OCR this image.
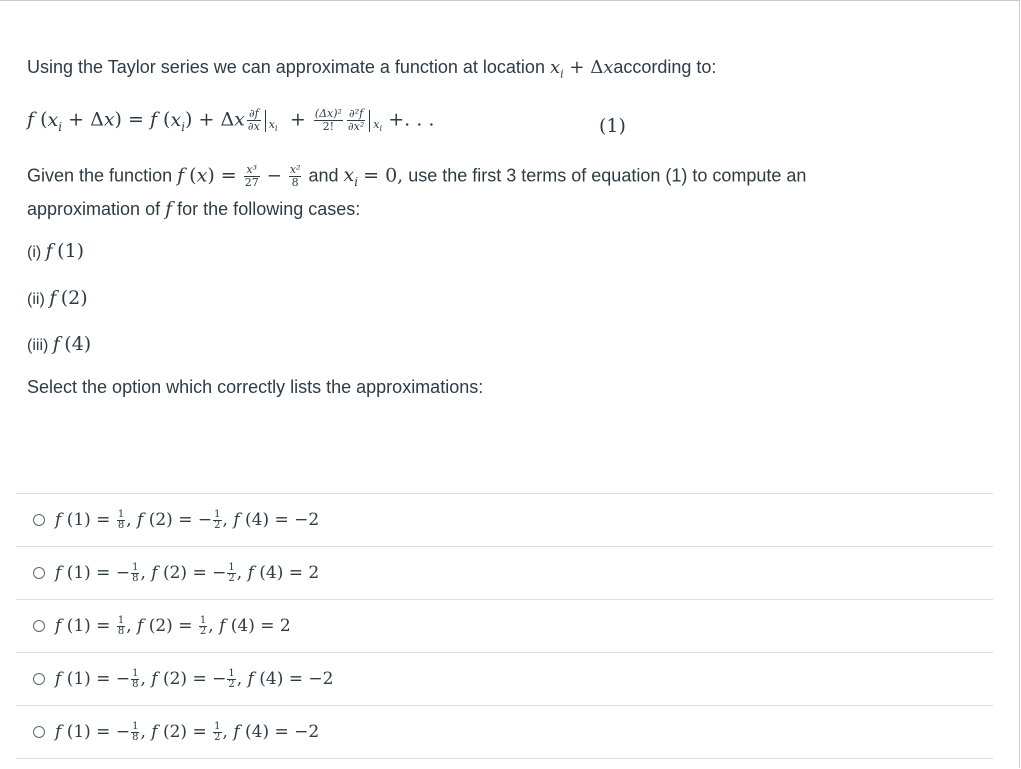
Using the Taylor series we can approximate a function at location $x_i$ + Δxaccording to:
f $(x_i + \Delta x) = f$ $(x_i) + \Delta x \frac{\partial f}{\partial x} x_i + \frac{\text{(Δx)²}}{2!} \frac{\text{∂²f}}{\text{∂x²}} x_i$ +. . .	(1)
Given the function f $(x) = \frac{\text{x³}}{27} - \frac{\text{x²}}{8}$ and $x_i = 0$, use the first 3 terms of equation (1) to compute an
approximation of f for the following cases:
(i) f (1)
(ii) f (2)
(iii) f (4)
Select the option which correctly lists the approximations:
f $(1) = \frac{1}{8}$ , f (2) = − $\frac{1}{2}$ , f (4) = −2
f (1) = − $\frac{1}{8}$ , f (2) = − $\frac{1}{2}$ , f (4) = 2
f $(1) = \frac{1}{8}$ , f $(2) = \frac{1}{2}$ , f (4) = 2
f (1) = − $\frac{1}{8}$ , f (2) = − $\frac{1}{2}$ , f (4) = −2
f (1) = − $\frac{1}{8}$ , f $(2) = \frac{1}{2}$ , f (4) = −2
